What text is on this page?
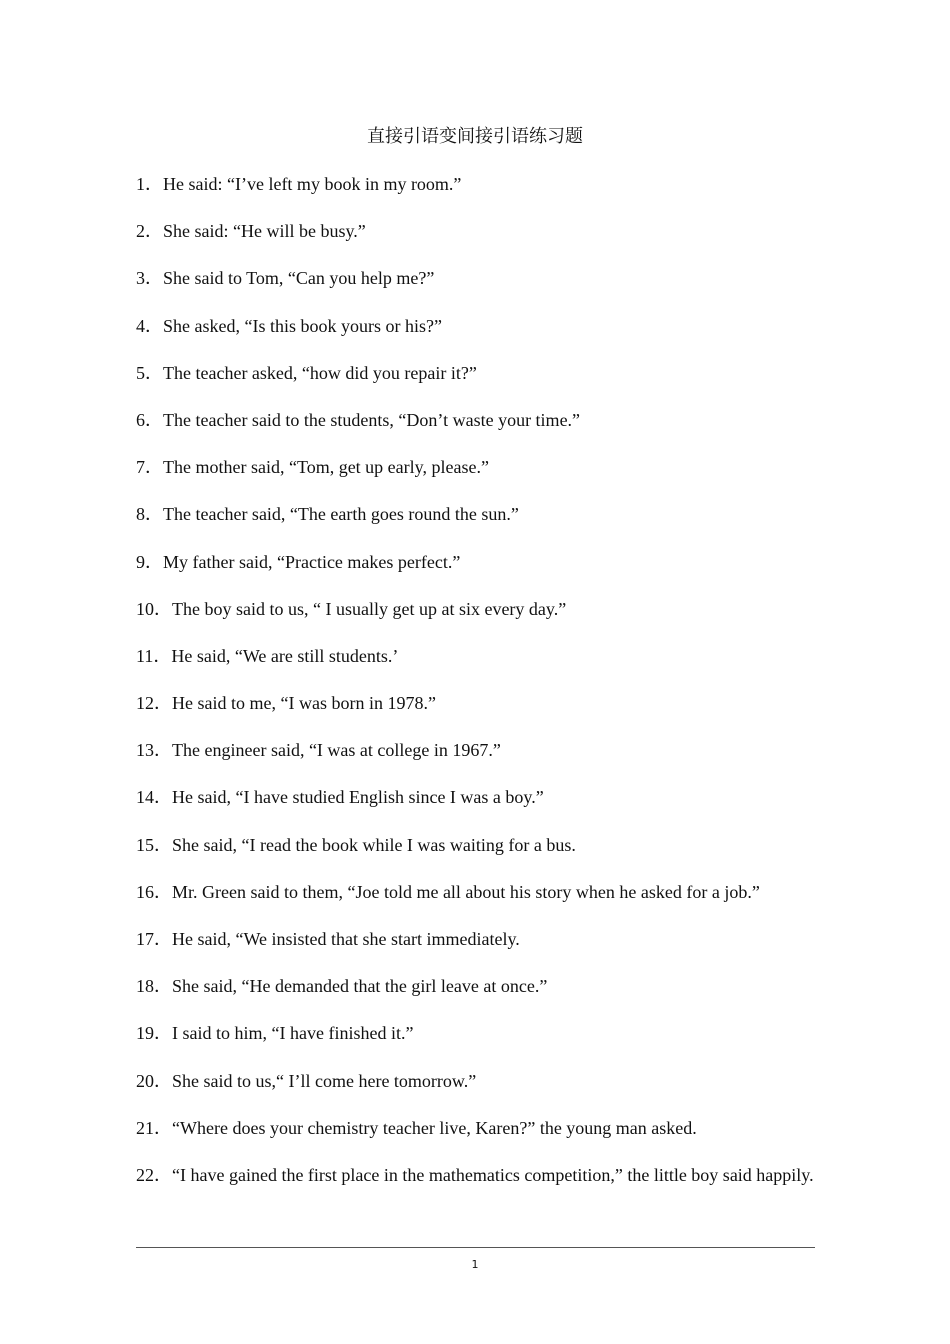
直接引语变间接引语练习题
1．He said: “I’ve left my book in my room.”
2．She said: “He will be busy.”
3．She said to Tom, “Can you help me?”
4．She asked, “Is this book yours or his?”
5．The teacher asked, “how did you repair it?”
6．The teacher said to the students, “Don’t waste your time.”
7．The mother said, “Tom, get up early, please.”
8．The teacher said, “The earth goes round the sun.”
9．My father said, “Practice makes perfect.”
10．The boy said to us, “ I usually get up at six every day.”
11．He said, “We are still students.’
12．He said to me, “I was born in 1978.”
13．The engineer said, “I was at college in 1967.”
14．He said, “I have studied English since I was a boy.”
15．She said, “I read the book while I was waiting for a bus.
16．Mr. Green said to them, “Joe told me all about his story when he asked for a job.”
17．He said, “We insisted that she start immediately.
18．She said, “He demanded that the girl leave at once.”
19．I said to him, “I have finished it.”
20．She said to us,“ I’ll come here tomorrow.”
21．“Where does your chemistry teacher live, Karen?” the young man asked.
22．“I have gained the first place in the mathematics competition,” the little boy said happily.
1
